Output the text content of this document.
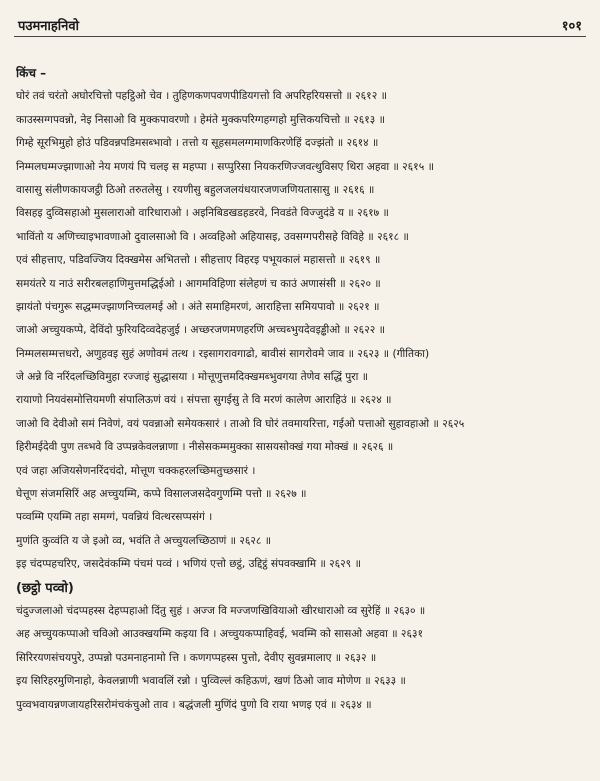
पउमनाहनिवो	१०१
किंच –
घोरं तवं चरंतो अघोरचित्तो पहट्ठिओ चेव । तुहिणकणपवणपीडियगत्तो वि अपरिहरियसत्तो ॥ २६१२ ॥
काउस्सग्गपवन्नो, नेइ निसाओ वि मुक्कपावरणो । हेमंते मुक्कपरिग्गहग्गहो मुत्तिकयचित्तो ॥ २६१३ ॥
गिम्हे सूरभिमुहो होउं पडिवन्नपडिमसब्भावो । तत्तो य सूहसमलग्गमाणकिरणेहिं दज्झंतो ॥ २६१४ ॥
निम्मलघम्मज्झाणाओ नेय मणयं पि चलइ स महप्पा । सप्पुरिसा नियकरणिज्जवत्थुविसए थिरा अहवा ॥ २६१५ ॥
वासासु संलीणकायजट्ठी ठिओ तरुतलेसु । रयणीसु बहुलजलयंधयारजणजणियतासासु ॥ २६१६ ॥
विसहइ दुव्विसहाओ मुसलाराओ वारिधाराओ । अइनिबिडखडहडरवे, निवडंते विज्जुदंडे य ॥ २६१७ ॥
भाविंतो य अणिच्चाइभावणाओ दुवालसाओ वि । अव्वहिओ अहियासइ, उवसग्गपरीसहे विविहे ॥ २६१८ ॥
एवं सीहत्ताए, पडिवज्जिय दिक्खमेस अभितत्तो । सीहत्ताए विहरइ पभूयकालं महासत्तो ॥ २६१९ ॥
समयंतरे य नाउं सरीरबलहाणिमुत्तमद्धिईओ । आगमविहिणा संलेहणं च काउं अणासंसी ॥ २६२० ॥
झायंतो पंचगुरू सद्धम्मज्झाणनिच्चलमई ओ । अंते समाहिमरणं, आराहित्ता समियपावो ॥ २६२१ ॥
जाओ अच्चुयकप्पे, देविंदो फुरियदिव्वदेहजुई । अच्छरजणमणहरणि अच्चब्भुयदेवइड्ढीओ ॥ २६२२ ॥
निम्मलसम्मत्तधरो, अणुहवइ सुहं अणोवमं तत्थ । रइसागरावगाढो, बावीसं सागरोवमे जाव ॥ २६२३ ॥ (गीतिका)
जे अन्ने वि नरिंदलच्छिविमुहा रज्जाइं सुद्धासया । मोत्तूणुत्तमदिक्खमब्भुवगया तेणेव सद्धिं पुरा ॥
रायाणो नियवंसमोत्तियमणी संपालिऊणं वयं । संपत्ता सुगईसु ते वि मरणं कालेण आराहिउं ॥ २६२४ ॥
जाओ वि देवीओ समं निवेणं, वयं पवन्नाओ समेयकसारं । ताओ वि घोरं तवमायरित्ता, गईओ पत्ताओ सुहावहाओ ॥ २६२५
हिरीमईदेवी पुण तब्भवे वि उप्पन्नकेवलन्नाणा । नीसेसकम्ममुक्का सासयसोक्खं गया मोक्खं ॥ २६२६ ॥
एवं जहा अजियसेणनरिंदचंदो, मोत्तूण चक्कहरलच्छिमतुच्छसारं ।
घेत्तूण संजमसिरिं अह अच्चुयम्मि, कप्पे विसालजसदेवगुणम्मि पत्तो ॥ २६२७ ॥
पव्वम्मि एयम्मि तहा समग्गं, पवन्नियं वित्थरसप्पसंगं ।
मुणंति कुव्वंति य जे इओ व्व, भवंति ते अच्चुयलच्छिठाणं ॥ २६२८ ॥
इइ चंदप्पहचरिए, जसदेवंकम्मि पंचमं पव्वं । भणियं एत्तो छट्ठं, उद्दिट्ठं संपवक्खामि ॥ २६२९ ॥
(छट्ठो पव्वो)
चंदुज्जलाओ चंदप्पहस्स देहप्पहाओ दिंतु सुहं । अज्ज वि मज्जणखिवियाओ खीरधाराओ व्व सुरेहिं ॥ २६३० ॥
अह अच्चुयकप्पाओ चविओ आउक्खयम्मि कइया वि । अच्चुयकप्पाहिवई, भवम्मि को सासओ अहवा ॥ २६३१
सिरिरयणसंचयपुरे, उप्पन्नो पउमनाहनामो त्ति । कणगप्पहस्स पुत्तो, देवीए सुवन्नमालाए ॥ २६३२ ॥
इय सिरिहरमुणिनाहो, केवलन्नाणी भवावलिं रन्नो । पुव्विल्लं कहिऊणं, खणं ठिओ जाव मोणेण ॥ २६३३ ॥
पुव्वभवायन्नणजायहरिसरोमंचकंचुओ ताव । बद्धंजली मुणिंदं पुणो वि राया भणइ एवं ॥ २६३४ ॥
